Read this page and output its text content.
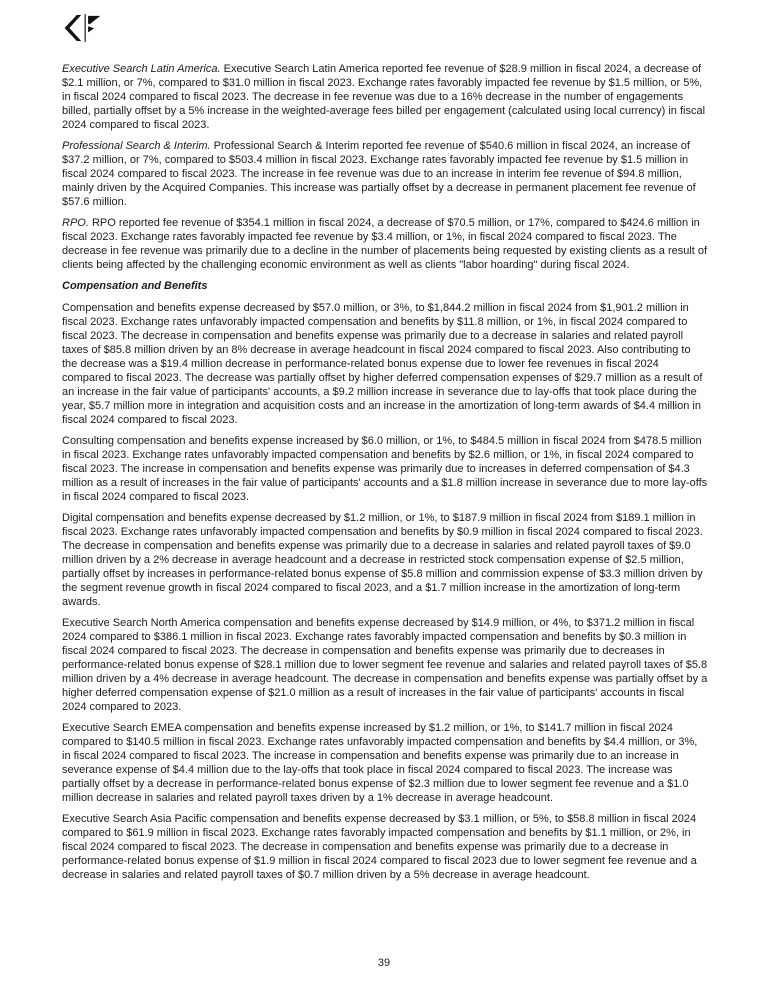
Executive Search Latin America. Executive Search Latin America reported fee revenue of $28.9 million in fiscal 2024, a decrease of $2.1 million, or 7%, compared to $31.0 million in fiscal 2023. Exchange rates favorably impacted fee revenue by $1.5 million, or 5%, in fiscal 2024 compared to fiscal 2023. The decrease in fee revenue was due to a 16% decrease in the number of engagements billed, partially offset by a 5% increase in the weighted-average fees billed per engagement (calculated using local currency) in fiscal 2024 compared to fiscal 2023.

Professional Search & Interim. Professional Search & Interim reported fee revenue of $540.6 million in fiscal 2024, an increase of $37.2 million, or 7%, compared to $503.4 million in fiscal 2023. Exchange rates favorably impacted fee revenue by $1.5 million in fiscal 2024 compared to fiscal 2023. The increase in fee revenue was due to an increase in interim fee revenue of $94.8 million, mainly driven by the Acquired Companies. This increase was partially offset by a decrease in permanent placement fee revenue of $57.6 million.

RPO. RPO reported fee revenue of $354.1 million in fiscal 2024, a decrease of $70.5 million, or 17%, compared to $424.6 million in fiscal 2023. Exchange rates favorably impacted fee revenue by $3.4 million, or 1%, in fiscal 2024 compared to fiscal 2023. The decrease in fee revenue was primarily due to a decline in the number of placements being requested by existing clients as a result of clients being affected by the challenging economic environment as well as clients "labor hoarding" during fiscal 2024.

Compensation and Benefits

Compensation and benefits expense decreased by $57.0 million, or 3%, to $1,844.2 million in fiscal 2024 from $1,901.2 million in fiscal 2023. Exchange rates unfavorably impacted compensation and benefits by $11.8 million, or 1%, in fiscal 2024 compared to fiscal 2023. The decrease in compensation and benefits expense was primarily due to a decrease in salaries and related payroll taxes of $85.8 million driven by an 8% decrease in average headcount in fiscal 2024 compared to fiscal 2023. Also contributing to the decrease was a $19.4 million decrease in performance-related bonus expense due to lower fee revenues in fiscal 2024 compared to fiscal 2023. The decrease was partially offset by higher deferred compensation expenses of $29.7 million as a result of an increase in the fair value of participants' accounts, a $9.2 million increase in severance due to lay-offs that took place during the year, $5.7 million more in integration and acquisition costs and an increase in the amortization of long-term awards of $4.4 million in fiscal 2024 compared to fiscal 2023.

Consulting compensation and benefits expense increased by $6.0 million, or 1%, to $484.5 million in fiscal 2024 from $478.5 million in fiscal 2023. Exchange rates unfavorably impacted compensation and benefits by $2.6 million, or 1%, in fiscal 2024 compared to fiscal 2023. The increase in compensation and benefits expense was primarily due to increases in deferred compensation of $4.3 million as a result of increases in the fair value of participants' accounts and a $1.8 million increase in severance due to more lay-offs in fiscal 2024 compared to fiscal 2023.

Digital compensation and benefits expense decreased by $1.2 million, or 1%, to $187.9 million in fiscal 2024 from $189.1 million in fiscal 2023. Exchange rates unfavorably impacted compensation and benefits by $0.9 million in fiscal 2024 compared to fiscal 2023. The decrease in compensation and benefits expense was primarily due to a decrease in salaries and related payroll taxes of $9.0 million driven by a 2% decrease in average headcount and a decrease in restricted stock compensation expense of $2.5 million, partially offset by increases in performance-related bonus expense of $5.8 million and commission expense of $3.3 million driven by the segment revenue growth in fiscal 2024 compared to fiscal 2023, and a $1.7 million increase in the amortization of long-term awards.

Executive Search North America compensation and benefits expense decreased by $14.9 million, or 4%, to $371.2 million in fiscal 2024 compared to $386.1 million in fiscal 2023. Exchange rates favorably impacted compensation and benefits by $0.3 million in fiscal 2024 compared to fiscal 2023. The decrease in compensation and benefits expense was primarily due to decreases in performance-related bonus expense of $28.1 million due to lower segment fee revenue and salaries and related payroll taxes of $5.8 million driven by a 4% decrease in average headcount. The decrease in compensation and benefits expense was partially offset by a higher deferred compensation expense of $21.0 million as a result of increases in the fair value of participants' accounts in fiscal 2024 compared to 2023.

Executive Search EMEA compensation and benefits expense increased by $1.2 million, or 1%, to $141.7 million in fiscal 2024 compared to $140.5 million in fiscal 2023. Exchange rates unfavorably impacted compensation and benefits by $4.4 million, or 3%, in fiscal 2024 compared to fiscal 2023. The increase in compensation and benefits expense was primarily due to an increase in severance expense of $4.4 million due to the lay-offs that took place in fiscal 2024 compared to fiscal 2023. The increase was partially offset by a decrease in performance-related bonus expense of $2.3 million due to lower segment fee revenue and a $1.0 million decrease in salaries and related payroll taxes driven by a 1% decrease in average headcount.

Executive Search Asia Pacific compensation and benefits expense decreased by $3.1 million, or 5%, to $58.8 million in fiscal 2024 compared to $61.9 million in fiscal 2023. Exchange rates favorably impacted compensation and benefits by $1.1 million, or 2%, in fiscal 2024 compared to fiscal 2023. The decrease in compensation and benefits expense was primarily due to a decrease in performance-related bonus expense of $1.9 million in fiscal 2024 compared to fiscal 2023 due to lower segment fee revenue and a decrease in salaries and related payroll taxes of $0.7 million driven by a 5% decrease in average headcount.

39
